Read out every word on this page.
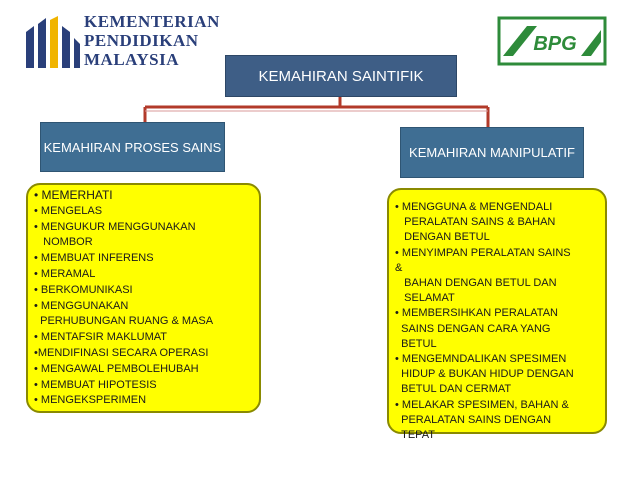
KEMENTERIAN
PENDIDIKAN
MALAYSIA
BPG
KEMAHIRAN SAINTIFIK
KEMAHIRAN PROSES SAINS	KEMAHIRAN MANIPULATIF
• MEMERHATI
• MENGELAS
• MENGUKUR MENGGUNAKAN
NOMBOR
• MEMBUAT INFERENS
• MERAMAL
• BERKOMUNIKASI
• MENGGUNAKAN
PERHUBUNGAN RUANG & MASA
• MENTAFSIR MAKLUMAT
•MENDIFINASI SECARA OPERASI
• MENGAWAL PEMBOLEHUBAH
• MEMBUAT HIPOTESIS
• MENGEKSPERIMEN
• MENGGUNA & MENGENDALI
PERALATAN SAINS & BAHAN
DENGAN BETUL
• MENYIMPAN PERALATAN SAINS
&
BAHAN DENGAN BETUL DAN
SELAMAT
• MEMBERSIHKAN PERALATAN
SAINS DENGAN CARA YANG
BETUL
• MENGEMNDALIKAN SPESIMEN
HIDUP & BUKAN HIDUP DENGAN
BETUL DAN CERMAT
• MELAKAR SPESIMEN, BAHAN &
PERALATAN SAINS DENGAN
TEPAT
